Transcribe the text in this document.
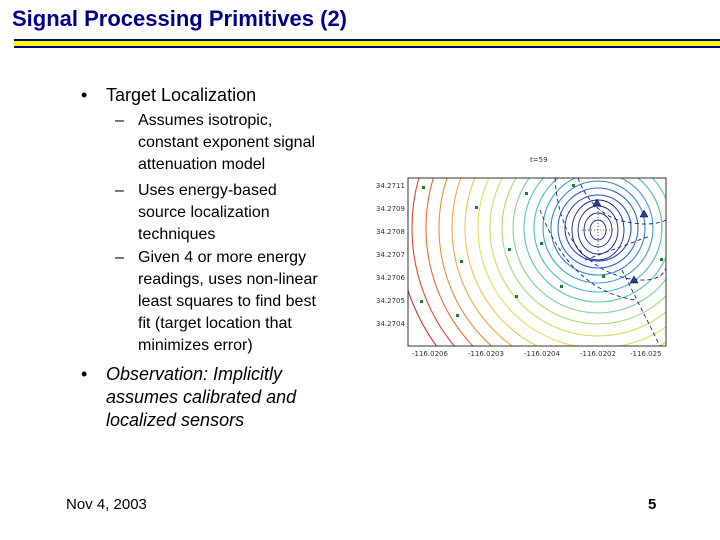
Signal Processing Primitives (2)
• Target Localization
– Assumes isotropic,
constant exponent signal
attenuation model
– Uses energy-based
source localization
techniques
– Given 4 or more energy
readings, uses non-linear
least squares to find best
fit (target location that
minimizes error)
• Observation: Implicitly
assumes calibrated and
localized sensors
t=59
34.2711
34.2709
34.2708
34.2707
34.2706
34.2705
34.2704
-116.0206	-116.0203	-116.0204	-116.0202 -116.025
Nov 4, 2003	5
